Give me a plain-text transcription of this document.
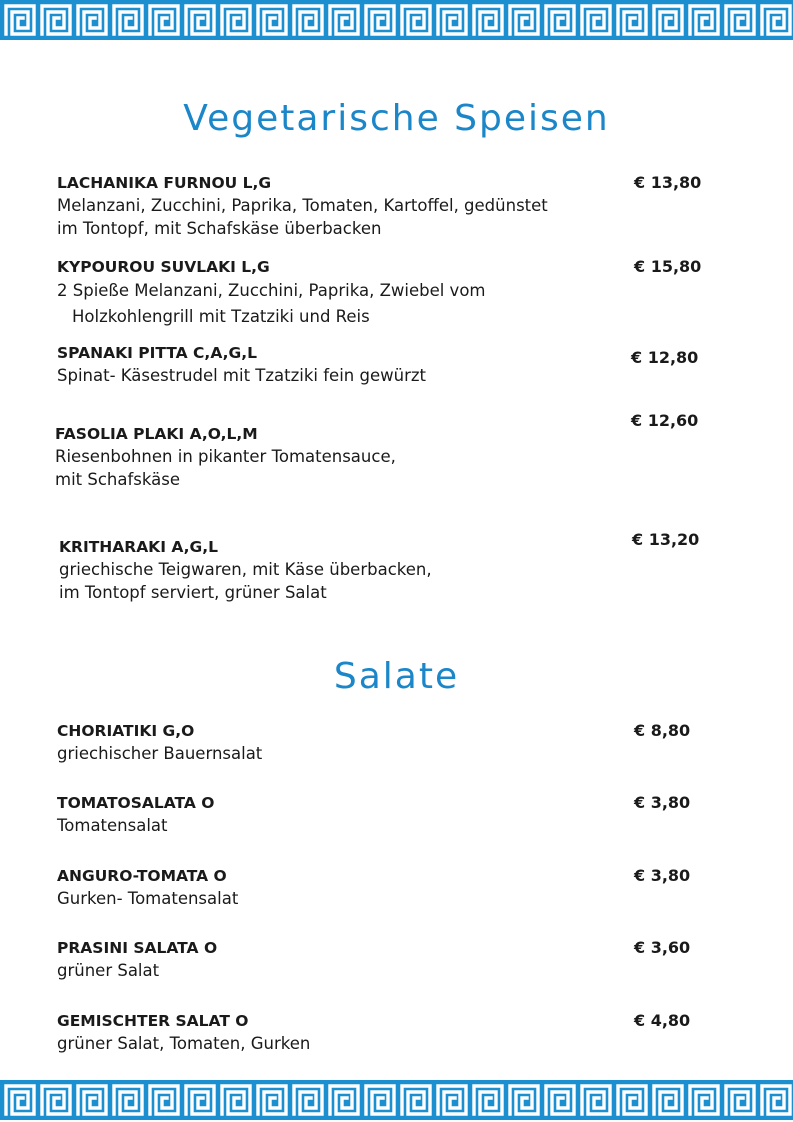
Vegetarische Speisen
LACHANIKA FURNOU L,G
Melanzani, Zucchini, Paprika, Tomaten, Kartoffel, gedünstet
im Tontopf, mit Schafskäse überbacken
€ 13,80
KYPOUROU SUVLAKI L,G
2 Spieße Melanzani, Zucchini, Paprika, Zwiebel vom
Holzkohlengrill mit Tzatziki und Reis
€ 15,80
SPANAKI PITTA C,A,G,L
Spinat- Käsestrudel mit Tzatziki fein gewürzt
€ 12,80
FASOLIA PLAKI A,O,L,M
Riesenbohnen in pikanter Tomatensauce,
mit Schafskäse
€ 12,60
KRITHARAKI A,G,L
griechische Teigwaren, mit Käse überbacken,
im Tontopf serviert, grüner Salat
€ 13,20
Salate
CHORIATIKI G,O
griechischer Bauernsalat
€ 8,80
TOMATOSALATA O
Tomatensalat
€ 3,80
ANGURO-TOMATA O
Gurken- Tomatensalat
€ 3,80
PRASINI SALATA O
grüner Salat
€ 3,60
GEMISCHTER SALAT O
grüner Salat, Tomaten, Gurken
€ 4,80
